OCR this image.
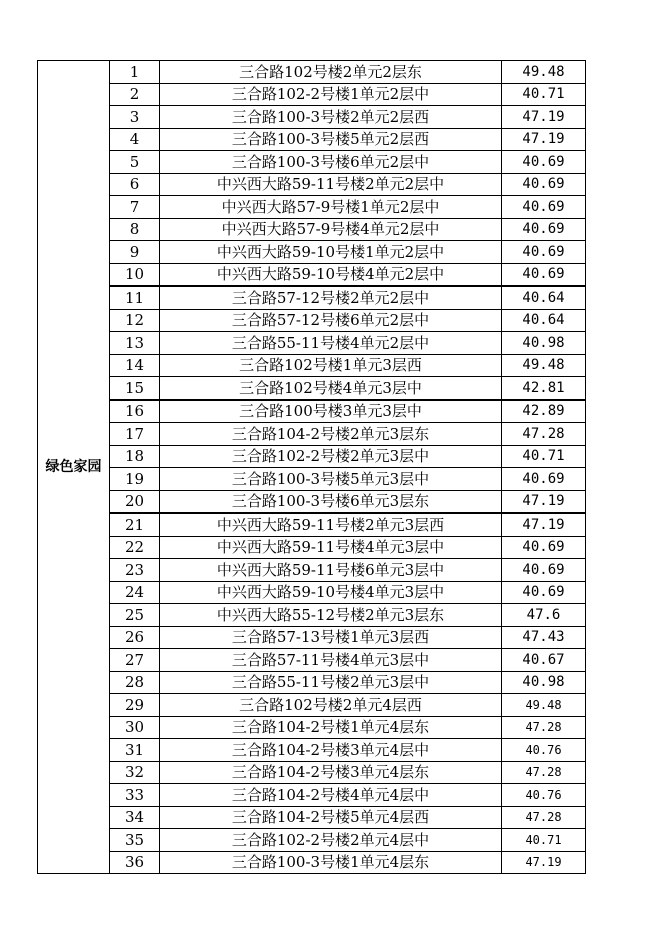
绿色家园	1	三合路102号楼2单元2层东	49.48
	2	三合路102-2号楼1单元2层中	40.71
	3	三合路100-3号楼2单元2层西	47.19
	4	三合路100-3号楼5单元2层西	47.19
	5	三合路100-3号楼6单元2层中	40.69
	6	中兴西大路59-11号楼2单元2层中	40.69
	7	中兴西大路57-9号楼1单元2层中	40.69
	8	中兴西大路57-9号楼4单元2层中	40.69
	9	中兴西大路59-10号楼1单元2层中	40.69
	10	中兴西大路59-10号楼4单元2层中	40.69
	11	三合路57-12号楼2单元2层中	40.64
	12	三合路57-12号楼6单元2层中	40.64
	13	三合路55-11号楼4单元2层中	40.98
	14	三合路102号楼1单元3层西	49.48
	15	三合路102号楼4单元3层中	42.81
	16	三合路100号楼3单元3层中	42.89
	17	三合路104-2号楼2单元3层东	47.28
	18	三合路102-2号楼2单元3层中	40.71
	19	三合路100-3号楼5单元3层中	40.69
	20	三合路100-3号楼6单元3层东	47.19
	21	中兴西大路59-11号楼2单元3层西	47.19
	22	中兴西大路59-11号楼4单元3层中	40.69
	23	中兴西大路59-11号楼6单元3层中	40.69
	24	中兴西大路59-10号楼4单元3层中	40.69
	25	中兴西大路55-12号楼2单元3层东	47.6
	26	三合路57-13号楼1单元3层西	47.43
	27	三合路57-11号楼4单元3层中	40.67
	28	三合路55-11号楼2单元3层中	40.98
	29	三合路102号楼2单元4层西	49.48
	30	三合路104-2号楼1单元4层东	47.28
	31	三合路104-2号楼3单元4层中	40.76
	32	三合路104-2号楼3单元4层东	47.28
	33	三合路104-2号楼4单元4层中	40.76
	34	三合路104-2号楼5单元4层西	47.28
	35	三合路102-2号楼2单元4层中	40.71
	36	三合路100-3号楼1单元4层东	47.19
